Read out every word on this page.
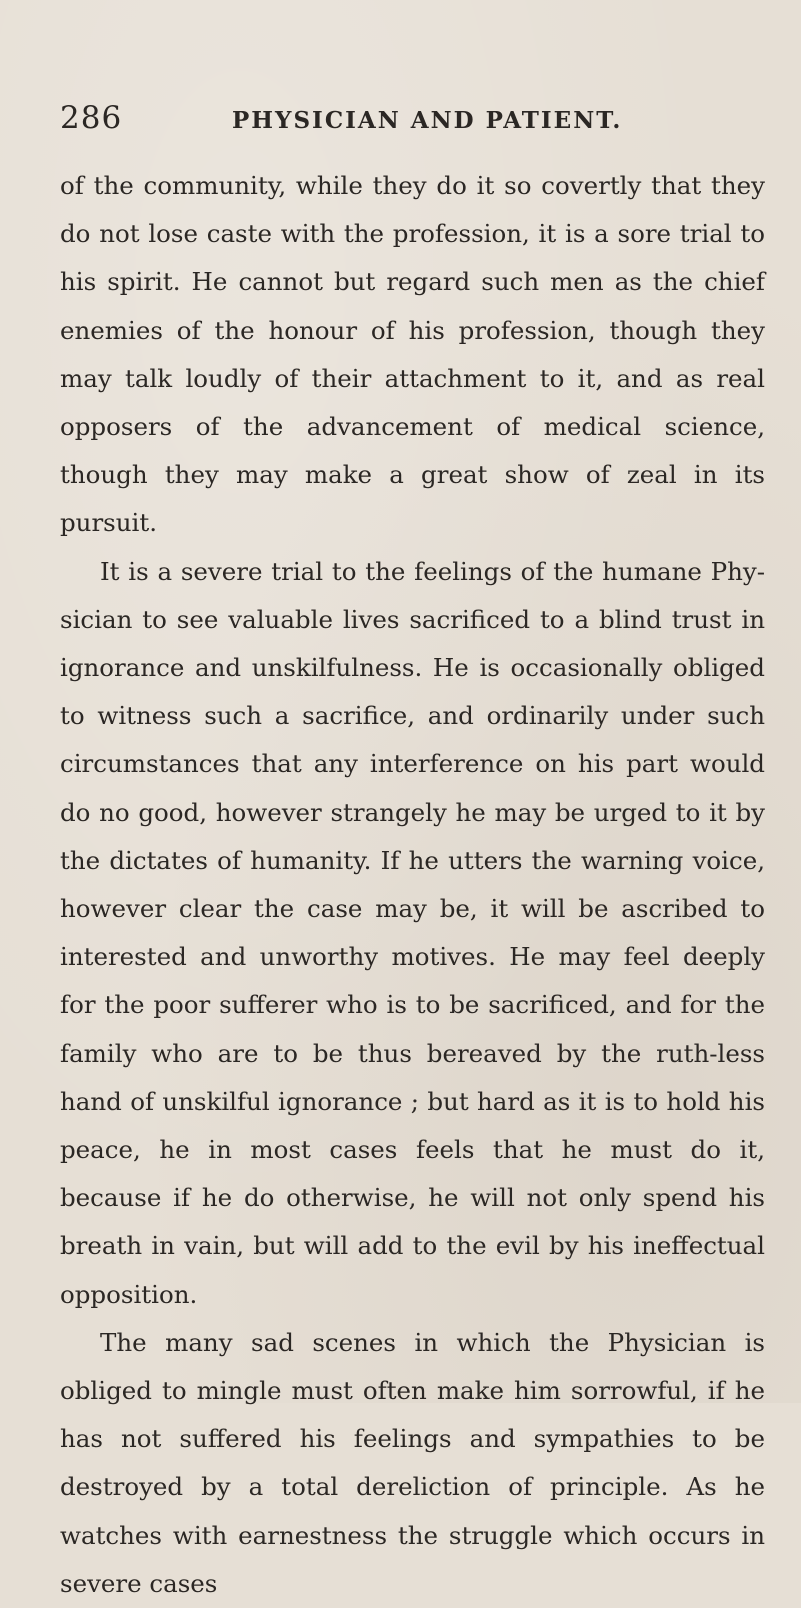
286	PHYSICIAN AND PATIENT.

of the community, while they do it so covertly that they do not lose caste with the profession, it is a sore trial to his spirit. He cannot but regard such men as the chief enemies of the honour of his profession, though they may talk loudly of their attachment to it, and as real opposers of the advancement of medical science, though they may make a great show of zeal in its pursuit.

It is a severe trial to the feelings of the humane Phy-sician to see valuable lives sacrificed to a blind trust in ignorance and unskilfulness. He is occasionally obliged to witness such a sacrifice, and ordinarily under such circumstances that any interference on his part would do no good, however strangely he may be urged to it by the dictates of humanity. If he utters the warning voice, however clear the case may be, it will be ascribed to interested and unworthy motives. He may feel deeply for the poor sufferer who is to be sacrificed, and for the family who are to be thus bereaved by the ruth-less hand of unskilful ignorance ; but hard as it is to hold his peace, he in most cases feels that he must do it, because if he do otherwise, he will not only spend his breath in vain, but will add to the evil by his ineffectual opposition.

The many sad scenes in which the Physician is obliged to mingle must often make him sorrowful, if he has not suffered his feelings and sympathies to be destroyed by a total dereliction of principle. As he watches with earnestness the struggle which occurs in severe cases
